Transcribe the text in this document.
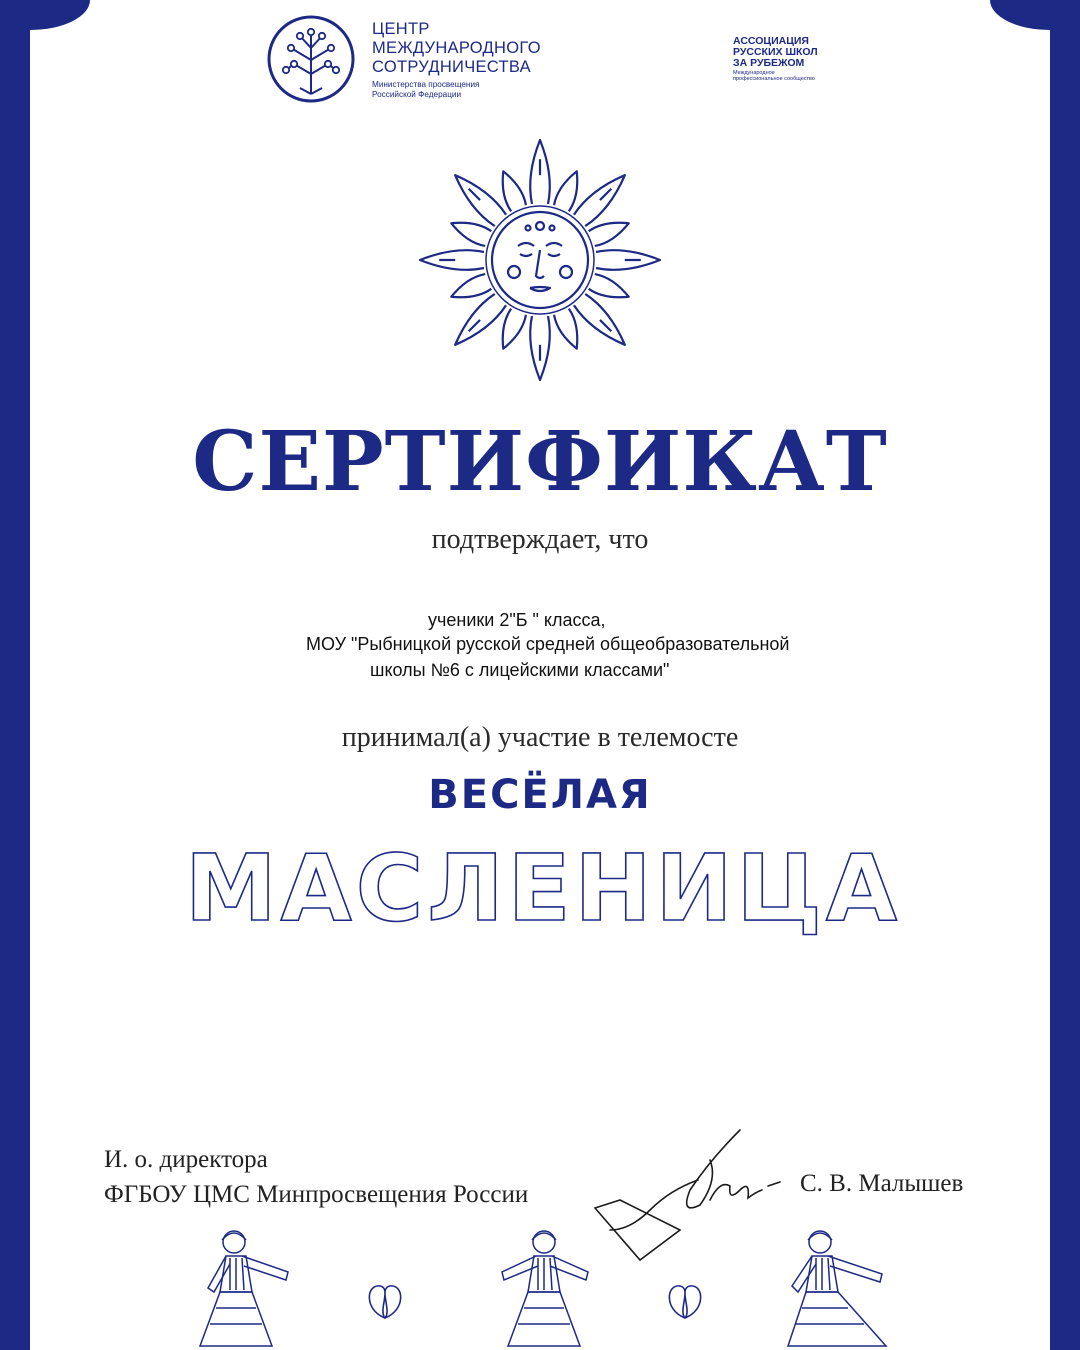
ЦЕНТР
МЕЖДУНАРОДНОГО
СОТРУДНИЧЕСТВА

Министерства просвещения
Российской Федерации

АССОЦИАЦИЯ
РУССКИХ ШКОЛ
ЗА РУБЕЖОМ

Международное
профессиональное сообщество

СЕРТИФИКАТ

подтверждает, что

ученики 2"Б " класса,

МОУ "Рыбницкой русской средней общеобразовательной

школы №6 с лицейскими классами"

принимал(а) участие в телемосте

ВЕСЁЛАЯ

МАСЛЕНИЦА

И. о. директора
ФГБОУ ЦМС Минпросвещения России	С. В. Малышев
